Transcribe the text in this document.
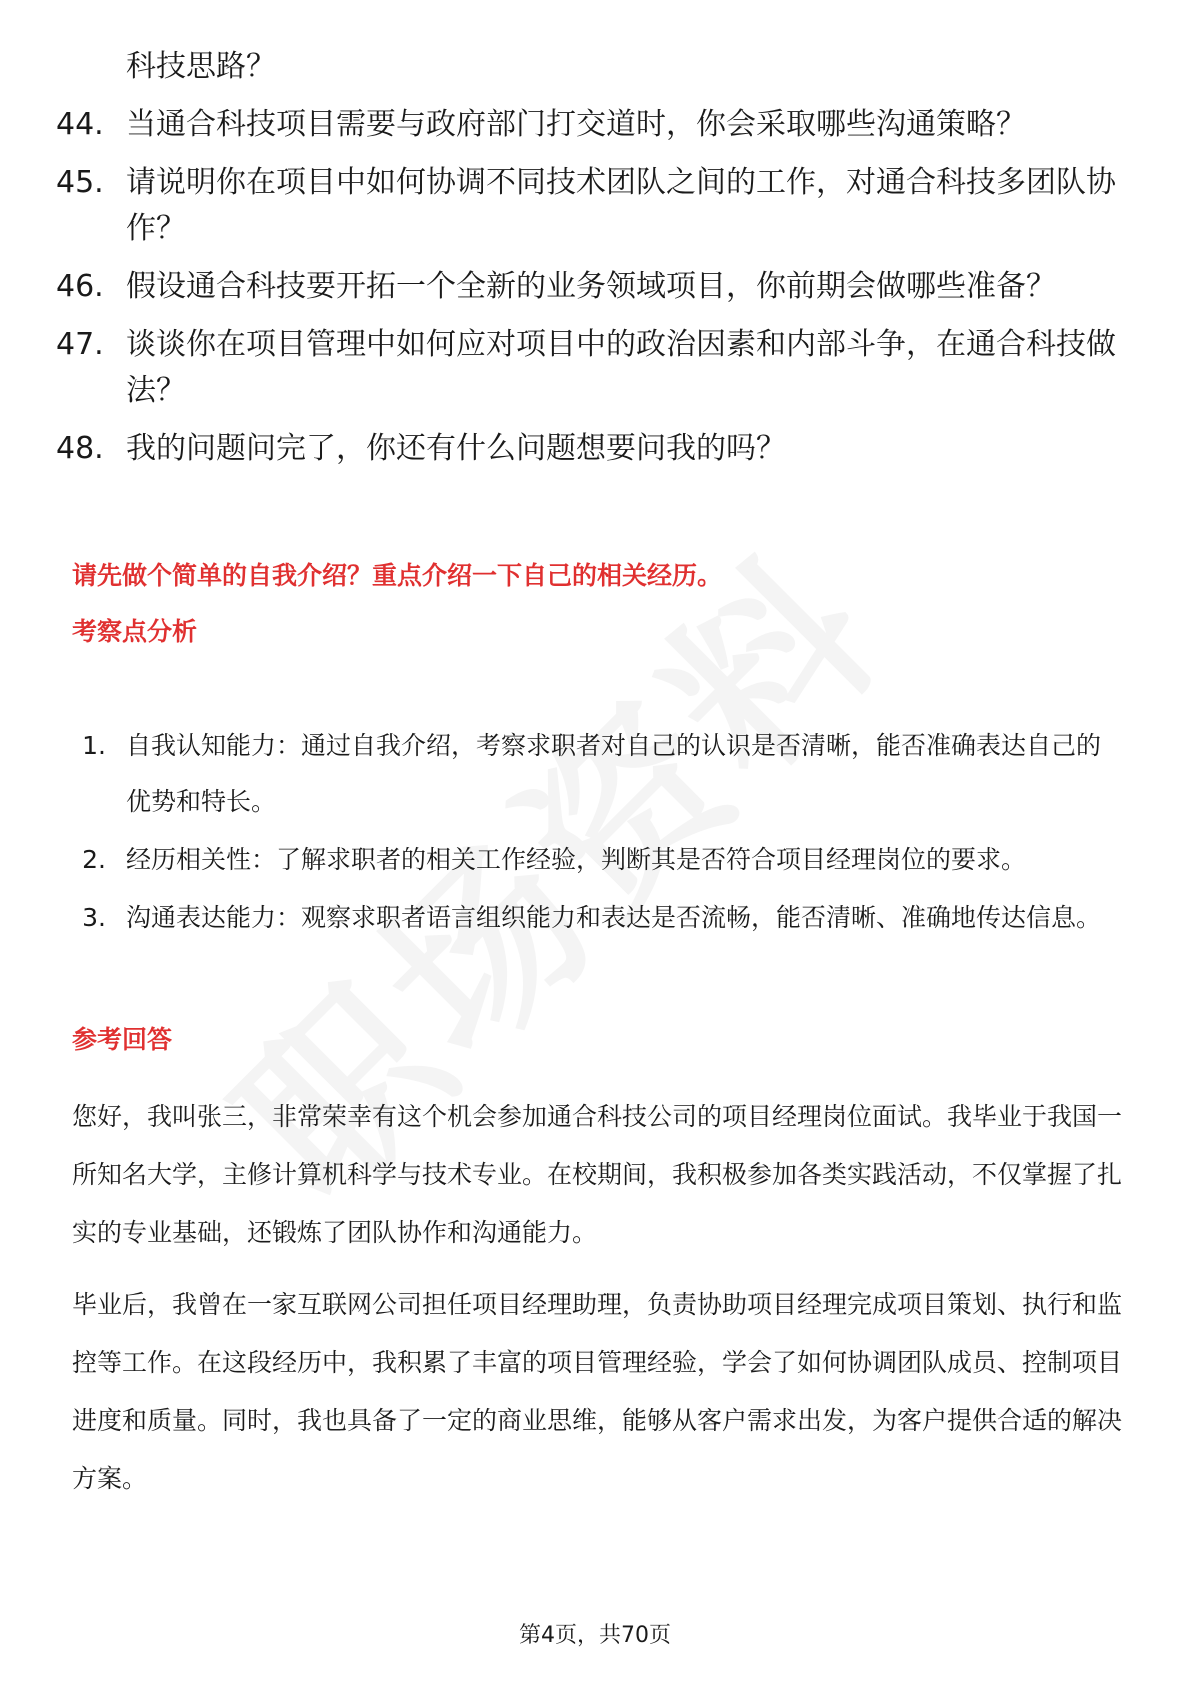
科技思路？
44. 当通合科技项目需要与政府部门打交道时，你会采取哪些沟通策略？
45. 请说明你在项目中如何协调不同技术团队之间的工作，对通合科技多团队协作？
46. 假设通合科技要开拓一个全新的业务领域项目，你前期会做哪些准备？
47. 谈谈你在项目管理中如何应对项目中的政治因素和内部斗争，在通合科技做法？
48. 我的问题问完了，你还有什么问题想要问我的吗？
请先做个简单的自我介绍？重点介绍一下自己的相关经历。
考察点分析
1. 自我认知能力：通过自我介绍，考察求职者对自己的认识是否清晰，能否准确表达自己的优势和特长。
2. 经历相关性：了解求职者的相关工作经验，判断其是否符合项目经理岗位的要求。
3. 沟通表达能力：观察求职者语言组织能力和表达是否流畅，能否清晰、准确地传达信息。
参考回答

您好，我叫张三，非常荣幸有这个机会参加通合科技公司的项目经理岗位面试。我毕业于我国一所知名大学，主修计算机科学与技术专业。在校期间，我积极参加各类实践活动，不仅掌握了扎实的专业基础，还锻炼了团队协作和沟通能力。

毕业后，我曾在一家互联网公司担任项目经理助理，负责协助项目经理完成项目策划、执行和监控等工作。在这段经历中，我积累了丰富的项目管理经验，学会了如何协调团队成员、控制项目进度和质量。同时，我也具备了一定的商业思维，能够从客户需求出发，为客户提供合适的解决方案。

第4页，共70页
